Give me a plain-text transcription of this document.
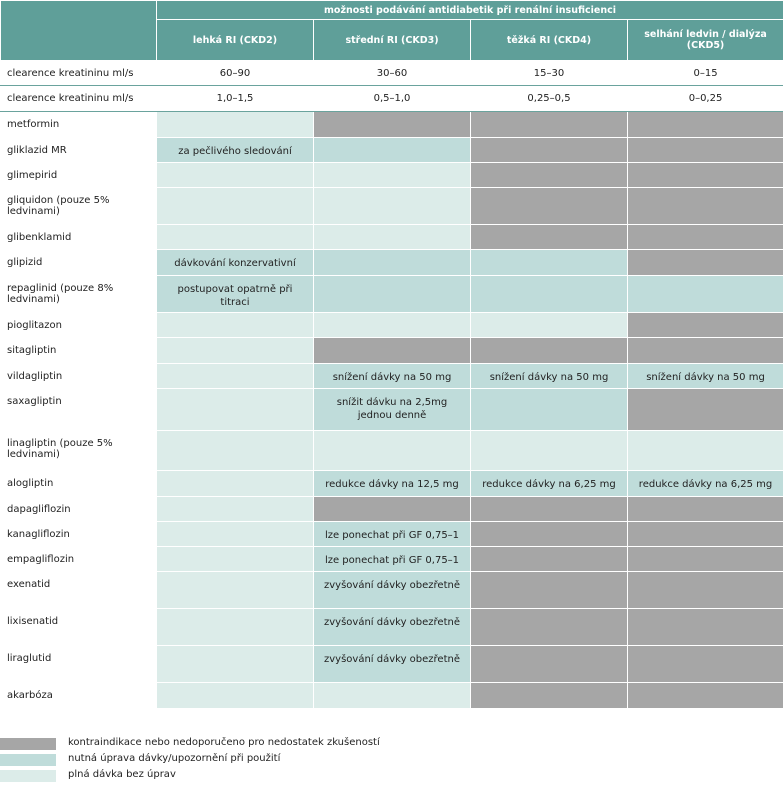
	možnosti podávání antidiabetik při renální insuficienci			
	lehká RI (CKD2)	střední RI (CKD3)	těžká RI (CKD4)	selhání ledvin / dialýza (CKD5)
clearence kreatininu ml/s	60–90	30–60	15–30	0–15
clearence kreatininu ml/s	1,0–1,5	0,5–1,0	0,25–0,5	0–0,25
metformin				
gliklazid MR	za pečlivého sledování			
glimepirid				
gliquidon (pouze 5% ledvinami)				
glibenklamid				
glipizid	dávkování konzervativní			
repaglinid (pouze 8% ledvinami)	postupovat opatrně při titraci			
pioglitazon				
sitagliptin				
vildagliptin		snížení dávky na 50 mg	snížení dávky na 50 mg	snížení dávky na 50 mg
saxagliptin		snížit dávku na 2,5mg jednou denně		
linagliptin (pouze 5% ledvinami)				
alogliptin		redukce dávky na 12,5 mg	redukce dávky na 6,25 mg	redukce dávky na 6,25 mg
dapagliflozin				
kanagliflozin		lze ponechat při GF 0,75–1		
empagliflozin		lze ponechat při GF 0,75–1		
exenatid		zvyšování dávky obezřetně		
lixisenatid		zvyšování dávky obezřetně		
liraglutid		zvyšování dávky obezřetně		
akarbóza				
kontraindikace nebo nedoporučeno pro nedostatek zkušeností
nutná úprava dávky/upozornění při použití
plná dávka bez úprav
